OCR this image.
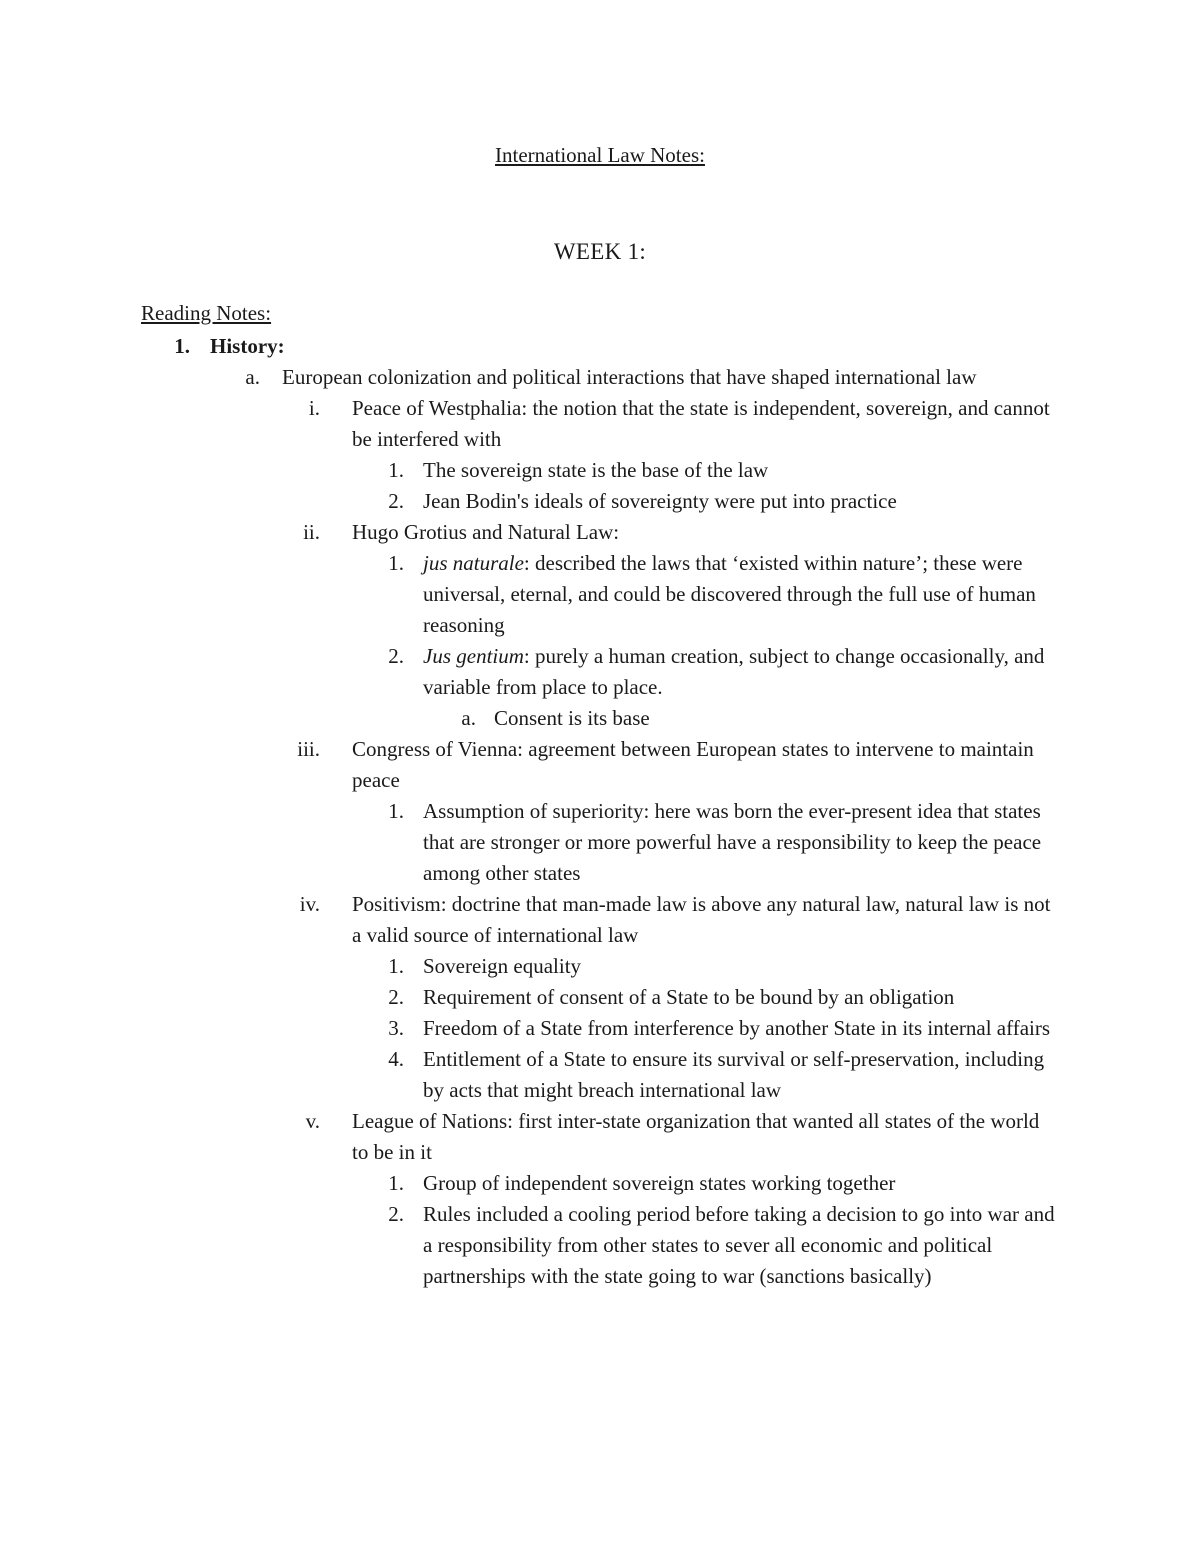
International Law Notes:
WEEK 1:
Reading Notes:
1. History:
a. European colonization and political interactions that have shaped international law
i. Peace of Westphalia: the notion that the state is independent, sovereign, and cannot be interfered with
1. The sovereign state is the base of the law
2. Jean Bodin's ideals of sovereignty were put into practice
ii. Hugo Grotius and Natural Law:
1. jus naturale: described the laws that ‘existed within nature’; these were universal, eternal, and could be discovered through the full use of human reasoning
2. Jus gentium: purely a human creation, subject to change occasionally, and variable from place to place.
a. Consent is its base
iii. Congress of Vienna: agreement between European states to intervene to maintain peace
1. Assumption of superiority: here was born the ever-present idea that states that are stronger or more powerful have a responsibility to keep the peace among other states
iv. Positivism: doctrine that man-made law is above any natural law, natural law is not a valid source of international law
1. Sovereign equality
2. Requirement of consent of a State to be bound by an obligation
3. Freedom of a State from interference by another State in its internal affairs
4. Entitlement of a State to ensure its survival or self-preservation, including by acts that might breach international law
v. League of Nations: first inter-state organization that wanted all states of the world to be in it
1. Group of independent sovereign states working together
2. Rules included a cooling period before taking a decision to go into war and a responsibility from other states to sever all economic and political partnerships with the state going to war (sanctions basically)
